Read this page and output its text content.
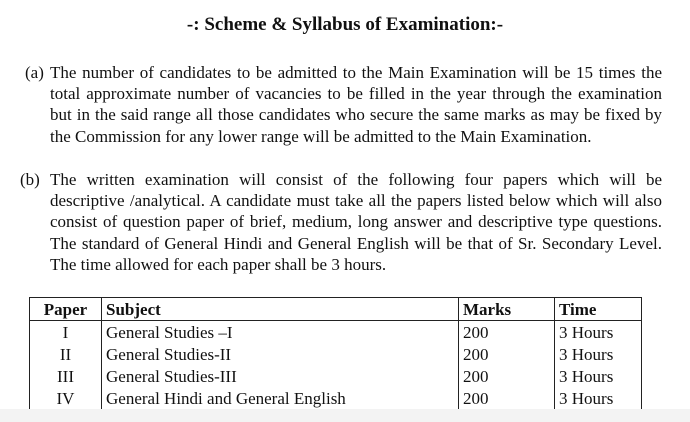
-: Scheme & Syllabus of Examination:-
(a) The number of candidates to be admitted to the Main Examination will be 15 times the total approximate number of vacancies to be filled in the year through the examination but in the said range all those candidates who secure the same marks as may be fixed by the Commission for any lower range will be admitted to the Main Examination.
(b) The written examination will consist of the following four papers which will be descriptive /analytical. A candidate must take all the papers listed below which will also consist of question paper of brief, medium, long answer and descriptive type questions. The standard of General Hindi and General English will be that of Sr. Secondary Level. The time allowed for each paper shall be 3 hours.
Paper	Subject	Marks	Time
I	General Studies –I	200	3 Hours
II	General Studies-II	200	3 Hours
III	General Studies-III	200	3 Hours
IV	General Hindi and General English	200	3 Hours
